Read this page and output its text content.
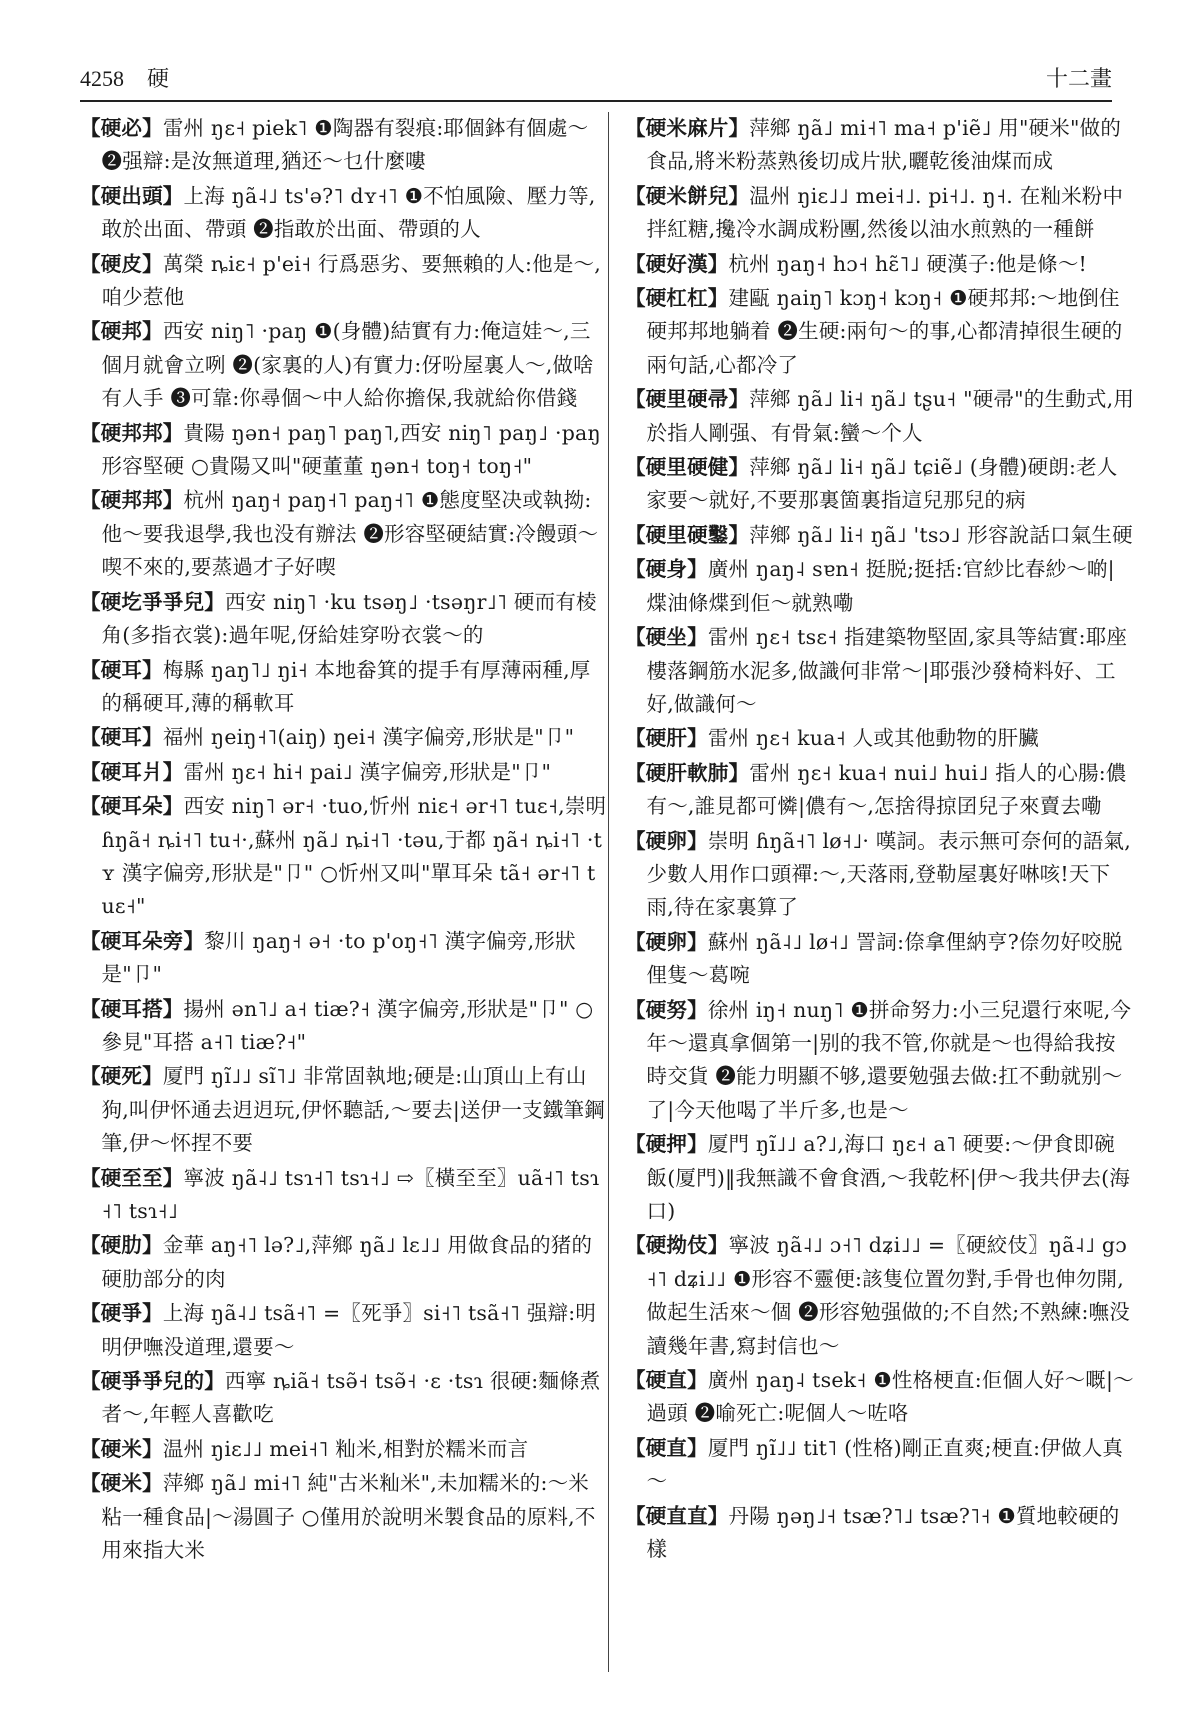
4258 硬	十二畫

【硬必】雷州 ŋɛ˧ piek˥ ❶陶器有裂痕:耶個鉢有個處～ ❷强辯:是汝無道理,猶还～乜什麼嘍

【硬出頭】上海 ŋã˨˩ ts'ə?˥ dʏ˧˥ ❶不怕風險、壓力等,敢於出面、帶頭 ❷指敢於出面、帶頭的人

【硬皮】萬榮 ȵiɛ˧ p'ei˧ 行爲惡劣、要無賴的人:他是～,咱少惹他

【硬邦】西安 niŋ˥ ·paŋ ❶(身體)結實有力:俺這娃～,三個月就會立咧 ❷(家裏的人)有實力:伢吩屋裏人～,做啥有人手 ❸可靠:你尋個～中人給你擔保,我就給你借錢

【硬邦邦】貴陽 ŋən˧ paŋ˥ paŋ˥,西安 niŋ˥ paŋ˩ ·paŋ 形容堅硬 ○貴陽又叫"硬董董 ŋən˧ toŋ˧ toŋ˧"

【硬邦邦】杭州 ŋaŋ˧ paŋ˧˥ paŋ˧˥ ❶態度堅决或執拗:他～要我退學,我也没有辦法 ❷形容堅硬結實:冷饅頭～喫不來的,要蒸過才子好喫

【硬圪爭爭兒】西安 niŋ˥ ·ku tsəŋ˩ ·tsəŋr˩˥ 硬而有棱角(多指衣裳):過年呢,伢給娃穿吩衣裳～的

【硬耳】梅縣 ŋaŋ˥˩ ŋi˧ 本地畚箕的提手有厚薄兩種,厚的稱硬耳,薄的稱軟耳

【硬耳】福州 ŋeiŋ˧˥(aiŋ) ŋei˧ 漢字偏旁,形狀是"卩"

【硬耳爿】雷州 ŋɛ˧ hi˧ pai˩ 漢字偏旁,形狀是"卩"

【硬耳朵】西安 niŋ˥ ər˧ ·tuo,忻州 niɛ˧ ər˧˥ tuɛ˧,崇明 ɦŋã˧ ȵi˧˥ tu˧·,蘇州 ŋã˩ ȵi˧˥ ·təu,于都 ŋã˧ ȵi˧˥ ·tʏ 漢字偏旁,形狀是"卩" ○忻州又叫"單耳朵 tã˧ ər˧˥ tuɛ˧"

【硬耳朵旁】黎川 ŋaŋ˧ ə˧ ·to p'oŋ˧˥ 漢字偏旁,形狀是"卩"

【硬耳搭】揚州 ən˥˩ a˧ tiæ?˧ 漢字偏旁,形狀是"卩" ○參見"耳搭 a˧˥ tiæ?˧"

【硬死】厦門 ŋĩ˩˩ sĩ˥˩ 非常固執地;硬是:山頂山上有山狗,叫伊怀通去迌迌玩,伊怀聽話,～要去|送伊一支鐵筆鋼筆,伊～怀捏不要

【硬至至】寧波 ŋã˨˩ tsɿ˧˥ tsɿ˧˩ ⇨〖橫至至〗uã˧˥ tsɿ˧˥ tsɿ˧˩

【硬肋】金華 aŋ˧˥ lə?˩,萍鄉 ŋã˩ lɛ˩˩ 用做食品的猪的硬肋部分的肉

【硬爭】上海 ŋã˨˩ tsã˧˥ =〖死爭〗si˧˥ tsã˧˥ 强辯:明明伊嘸没道理,還要～

【硬爭爭兒的】西寧 ȵiã˧ tsə̃˧ tsə̃˧ ·ɛ ·tsɿ 很硬:麵條煮者～,年輕人喜歡吃

【硬米】温州 ŋiɛ˩˩ mei˧˥ 籼米,相對於糯米而言

【硬米】萍鄉 ŋã˩ mi˧˥ 純"古米籼米",未加糯米的:～米粘一種食品|～湯圓子 ○僅用於說明米製食品的原料,不用來指大米

【硬米麻片】萍鄉 ŋã˩ mi˧˥ ma˧ p'iẽ˩ 用"硬米"做的食品,將米粉蒸熟後切成片狀,曬乾後油煤而成

【硬米餅兒】温州 ŋiɛ˩˩ mei˧˩. pi˧˩. ŋ˧. 在籼米粉中拌紅糖,攙冷水調成粉團,然後以油水煎熟的一種餅

【硬好漢】杭州 ŋaŋ˧ hɔ˧ hɛ̃˥˩ 硬漢子:他是條～!

【硬杠杠】建甌 ŋaiŋ˥ kɔŋ˧ kɔŋ˧ ❶硬邦邦:～地倒住硬邦邦地躺着 ❷生硬:兩句～的事,心都清掉很生硬的兩句話,心都冷了

【硬里硬帚】萍鄉 ŋã˩ li˧ ŋã˩ tʂu˧ "硬帚"的生動式,用於指人剛强、有骨氣:蠻～个人

【硬里硬健】萍鄉 ŋã˩ li˧ ŋã˩ tɕiẽ˩ (身體)硬朗:老人家要～就好,不要那裏箇裏指這兒那兒的病

【硬里硬鑿】萍鄉 ŋã˩ li˧ ŋã˩ 'tsɔ˩ 形容說話口氣生硬

【硬身】廣州 ŋaŋ˨ sɐn˧ 挺脱;挺括:官紗比春紗～啲|煠油條煠到佢～就熟嘞

【硬坐】雷州 ŋɛ˧ tsɛ˧ 指建築物堅固,家具等結實:耶座樓落鋼筋水泥多,做識何非常～|耶張沙發椅料好、工好,做識何～

【硬肝】雷州 ŋɛ˧ kua˧ 人或其他動物的肝臟

【硬肝軟肺】雷州 ŋɛ˧ kua˧ nui˩ hui˩ 指人的心腸:儂有～,誰見都可憐|儂有～,怎捨得掠囝兒子來賣去嘞

【硬卵】崇明 ɦŋã˧˥ lø˧˩· 嘆詞。表示無可奈何的語氣,少數人用作口頭禪:～,天落雨,登勒屋裏好啉咳!天下雨,待在家裏算了

【硬卵】蘇州 ŋã˨˩ lø˧˩ 詈詞:倷拿俚納亨?倷勿好咬脱俚隻～葛啘

【硬努】徐州 iŋ˧ nuŋ˥ ❶拼命努力:小三兒還行來呢,今年～還真拿個第一|别的我不管,你就是～也得給我按時交貨 ❷能力明顯不够,還要勉强去做:扛不動就别～了|今天他喝了半斤多,也是～

【硬押】厦門 ŋĩ˩˩ a?˩,海口 ŋɛ˧ a˥ 硬要:～伊食即碗飯(厦門)‖我無識不會食酒,～我乾杯|伊～我共伊去(海口)

【硬拗伎】寧波 ŋã˨˩ ɔ˧˥ dʑi˩˩ =〖硬絞伎〗ŋã˨˩ gɔ˧˥ dʑi˩˩ ❶形容不靈便:該隻位置勿對,手骨也伸勿開,做起生活來～個 ❷形容勉强做的;不自然;不熟練:嘸没讀幾年書,寫封信也～

【硬直】廣州 ŋaŋ˨ tsek˧ ❶性格梗直:佢個人好～嘅|～過頭 ❷喻死亡:呢個人～咗咯

【硬直】厦門 ŋĩ˩˩ tit˥ (性格)剛正直爽;梗直:伊做人真～

【硬直直】丹陽 ŋəŋ˩˧ tsæ?˥˩ tsæ?˥˧ ❶質地較硬的樣
